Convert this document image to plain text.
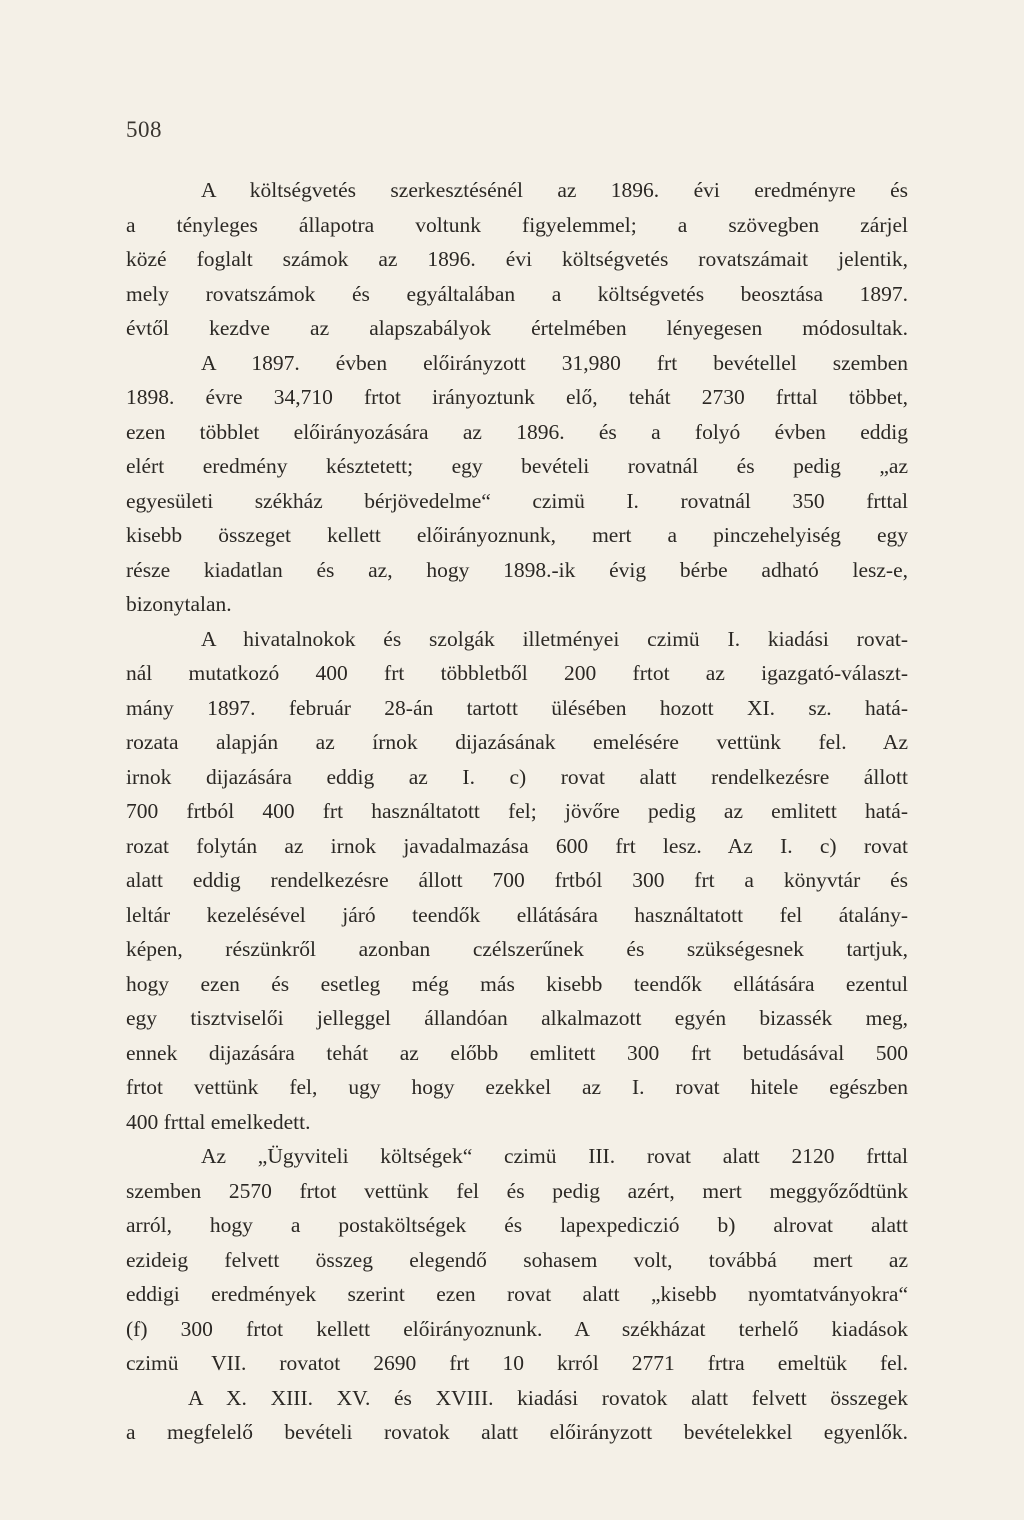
508
A költségvetés szerkesztésénél az 1896. évi eredményre és
a tényleges állapotra voltunk figyelemmel; a szövegben zárjel
közé foglalt számok az 1896. évi költségvetés rovatszámait jelentik,
mely rovatszámok és egyáltalában a költségvetés beosztása 1897.
évtől kezdve az alapszabályok értelmében lényegesen módosultak.
A 1897. évben előirányzott 31,980 frt bevétellel szemben
1898. évre 34,710 frtot irányoztunk elő, tehát 2730 frttal többet,
ezen többlet előirányozására az 1896. és a folyó évben eddig
elért eredmény késztetett; egy bevételi rovatnál és pedig „az
egyesületi székház bérjövedelme“ czimü I. rovatnál 350 frttal
kisebb összeget kellett előirányoznunk, mert a pinczehelyiség egy
része kiadatlan és az, hogy 1898.-ik évig bérbe adható lesz-e,
bizonytalan.
A hivatalnokok és szolgák illetményei czimü I. kiadási rovat-
nál mutatkozó 400 frt többletből 200 frtot az igazgató-választ-
mány 1897. február 28-án tartott ülésében hozott XI. sz. hatá-
rozata alapján az írnok dijazásának emelésére vettünk fel. Az
irnok dijazására eddig az I. c) rovat alatt rendelkezésre állott
700 frtból 400 frt használtatott fel; jövőre pedig az emlitett hatá-
rozat folytán az irnok javadalmazása 600 frt lesz. Az I. c) rovat
alatt eddig rendelkezésre állott 700 frtból 300 frt a könyvtár és
leltár kezelésével járó teendők ellátására használtatott fel átalány-
képen, részünkről azonban czélszerűnek és szükségesnek tartjuk,
hogy ezen és esetleg még más kisebb teendők ellátására ezentul
egy tisztviselői jelleggel állandóan alkalmazott egyén bizassék meg,
ennek dijazására tehát az előbb emlitett 300 frt betudásával 500
frtot vettünk fel, ugy hogy ezekkel az I. rovat hitele egészben
400 frttal emelkedett.
Az „Ügyviteli költségek“ czimü III. rovat alatt 2120 frttal
szemben 2570 frtot vettünk fel és pedig azért, mert meggyőződtünk
arról, hogy a postaköltségek és lapexpediczió b) alrovat alatt
ezideig felvett összeg elegendő sohasem volt, továbbá mert az
eddigi eredmények szerint ezen rovat alatt „kisebb nyomtatványokra“
(f) 300 frtot kellett előirányoznunk. A székházat terhelő kiadások
czimü VII. rovatot 2690 frt 10 krról 2771 frtra emeltük fel.
A X. XIII. XV. és XVIII. kiadási rovatok alatt felvett összegek
a megfelelő bevételi rovatok alatt előirányzott bevételekkel egyenlők.
